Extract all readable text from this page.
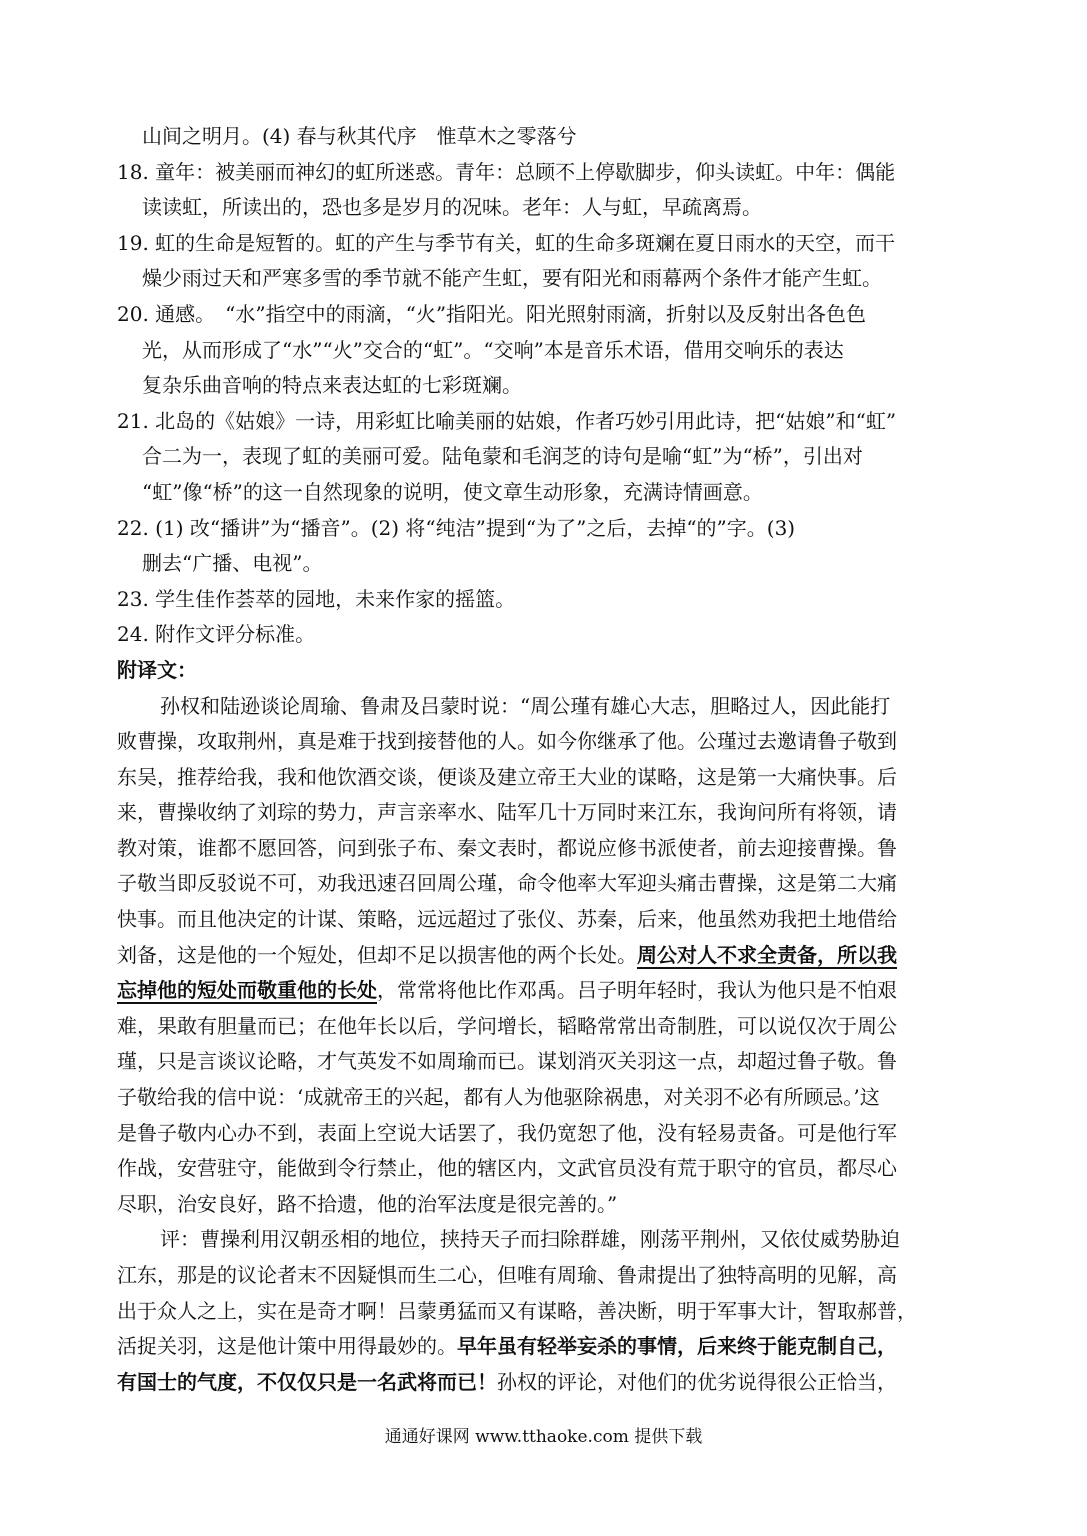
山间之明月。(4) 春与秋其代序　惟草木之零落兮
18. 童年：被美丽而神幻的虹所迷惑。青年：总顾不上停歇脚步，仰头读虹。中年：偶能
读读虹，所读出的，恐也多是岁月的况味。老年：人与虹，早疏离焉。
19. 虹的生命是短暂的。虹的产生与季节有关，虹的生命多斑斓在夏日雨水的天空，而干
燥少雨过天和严寒多雪的季节就不能产生虹，要有阳光和雨幕两个条件才能产生虹。
20. 通感。　“水”指空中的雨滴，“火”指阳光。阳光照射雨滴，折射以及反射出各色色
光，从而形成了“水”“火”交合的“虹”。“交响”本是音乐术语，借用交响乐的表达
复杂乐曲音响的特点来表达虹的七彩斑斓。
21. 北岛的《姑娘》一诗，用彩虹比喻美丽的姑娘，作者巧妙引用此诗，把“姑娘”和“虹”
合二为一，表现了虹的美丽可爱。陆龟蒙和毛润芝的诗句是喻“虹”为“桥”，引出对
“虹”像“桥”的这一自然现象的说明，使文章生动形象，充满诗情画意。
22. (1) 改“播讲”为“播音”。(2) 将“纯洁”提到“为了”之后，去掉“的”字。(3)
删去“广播、电视”。
23. 学生佳作荟萃的园地，未来作家的摇篮。
24. 附作文评分标准。
附译文：
孙权和陆逊谈论周瑜、鲁肃及吕蒙时说：“周公瑾有雄心大志，胆略过人，因此能打
败曹操，攻取荆州，真是难于找到接替他的人。如今你继承了他。公瑾过去邀请鲁子敬到
东吴，推荐给我，我和他饮酒交谈，便谈及建立帝王大业的谋略，这是第一大痛快事。后
来，曹操收纳了刘琮的势力，声言亲率水、陆军几十万同时来江东，我询问所有将领，请
教对策，谁都不愿回答，问到张子布、秦文表时，都说应修书派使者，前去迎接曹操。鲁
子敬当即反驳说不可，劝我迅速召回周公瑾，命令他率大军迎头痛击曹操，这是第二大痛
快事。而且他决定的计谋、策略，远远超过了张仪、苏秦，后来，他虽然劝我把土地借给
刘备，这是他的一个短处，但却不足以损害他的两个长处。周公对人不求全责备，所以我
忘掉他的短处而敬重他的长处，常常将他比作邓禹。吕子明年轻时，我认为他只是不怕艰
难，果敢有胆量而已；在他年长以后，学问增长，韬略常常出奇制胜，可以说仅次于周公
瑾，只是言谈议论略，才气英发不如周瑜而已。谋划消灭关羽这一点，却超过鲁子敬。鲁
子敬给我的信中说：‘成就帝王的兴起，都有人为他驱除祸患，对关羽不必有所顾忌。’这
是鲁子敬内心办不到，表面上空说大话罢了，我仍宽恕了他，没有轻易责备。可是他行军
作战，安营驻守，能做到令行禁止，他的辖区内，文武官员没有荒于职守的官员，都尽心
尽职，治安良好，路不拾遗，他的治军法度是很完善的。”
评：曹操利用汉朝丞相的地位，挟持天子而扫除群雄，刚荡平荆州，又依仗威势胁迫
江东，那是的议论者末不因疑惧而生二心，但唯有周瑜、鲁肃提出了独特高明的见解，高
出于众人之上，实在是奇才啊！吕蒙勇猛而又有谋略，善决断，明于军事大计，智取郝普，
活捉关羽，这是他计策中用得最妙的。早年虽有轻举妄杀的事情，后来终于能克制自己，
有国士的气度，不仅仅只是一名武将而已！孙权的评论，对他们的优劣说得很公正恰当，
通通好课网 www.tthaoke.com 提供下载
